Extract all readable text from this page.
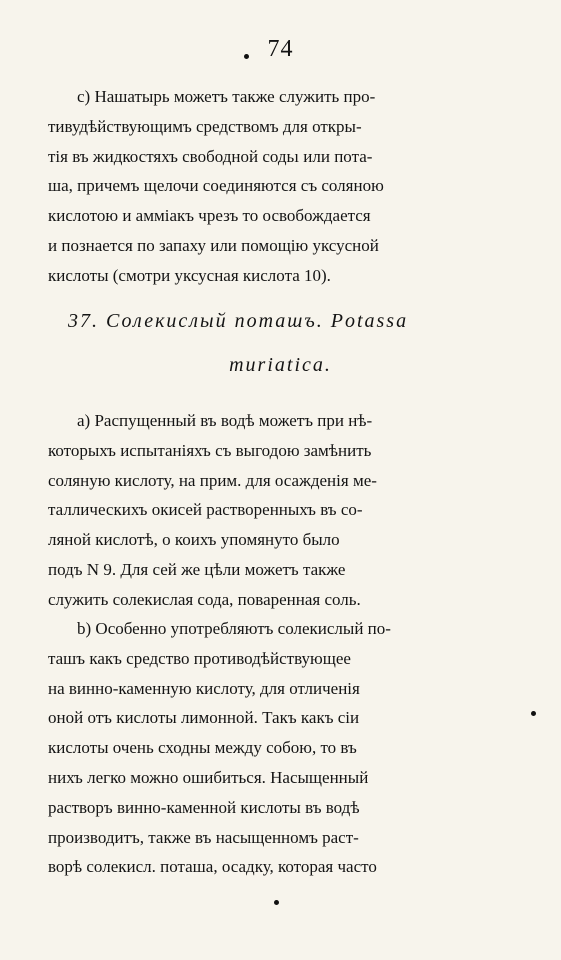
74
c) Нашатырь можетъ также служить про-
тивудѣйствующимъ средствомъ для откры-
тія въ жидкостяхъ свободной содьı или пота-
ша, причемъ щелочи соединяются съ соляною
кислотою и амміакъ чрезъ то освобождается
и познается по запаху или помощію уксусной
кислоты (смотри уксусная кислота 10).
37. Солекислый поташъ. Potassa
muriatica.
а) Распущенный въ водѣ можетъ при нѣ-
которыхъ испытаніяхъ съ выгодою замѣнить
соляную кислоту, на прим. для осажденія ме-
таллическихъ окисей растворенныхъ въ со-
ляной кислотѣ, о коихъ упомянуто было
подъ N 9. Для сей же цѣли можетъ также
служить солекислая сода, поваренная соль.
b) Особенно употребляютъ солекислый по-
ташъ какъ средство противодѣйствующее
на винно-каменную кислоту, для отличенія
оной отъ кислоты лимонной. Такъ какъ сіи
кислоты очень сходны между собою, то въ
нихъ легко можно ошибиться. Насыщенный
растворъ винно-каменной кислоты въ водѣ
производитъ, также въ насыщенномъ раст-
ворѣ солекисл. поташа, осадку, которая часто
